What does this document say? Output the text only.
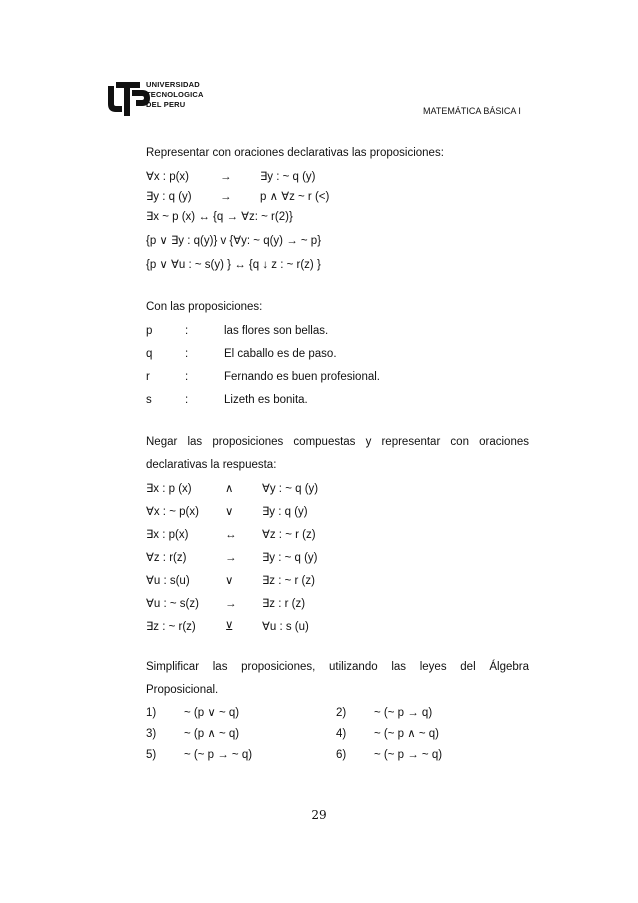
UNIVERSIDAD
TECNOLOGICA
DEL PERU
MATEMÁTICA BÁSICA I
Representar con oraciones declarativas las proposiciones:
∀x : p(x)	→ ∃y : ~ q (y)
∃y : q (y) → p ∧ ∀z ~ r (<)
∃x ~ p (x) ↔ {q → ∀z: ~ r(2)}
{p ∨ ∃y : q(y)} v {∀y: ~ q(y) → ~ p}
{p ∨ ∀u : ~ s(y) } ↔ {q ↓ z : ~ r(z) }
Con las proposiciones:
p	:	las flores son bellas.
q	:	El caballo es de paso.
r	:	Fernando es buen profesional.
s	:	Lizeth es bonita.
Negar las proposiciones compuestas y representar con oraciones
declarativas la respuesta:
∃x : p (x)	∧ ∀y : ~ q (y)
∀x : ~ p(x) ∨ ∃y : q (y)
∃x : p(x)	↔ ∀z : ~ r (z)
∀z : r(z)	→ ∃y : ~ q (y)
∀u : s(u)	∨ ∃z : ~ r (z)
∀u : ~ s(z) → ∃z : r (z)
∃z : ~ r(z)	⊻ ∀u : s (u)
Simplificar las proposiciones, utilizando las leyes del Álgebra
Proposicional.
1) ~ (p ∨ ~ q)	2) ~ (~ p → q)
3) ~ (p ∧ ~ q)	4) ~ (~ p ∧ ~ q)
5) ~ (~ p → ~ q)	6) ~ (~ p → ~ q)
29
